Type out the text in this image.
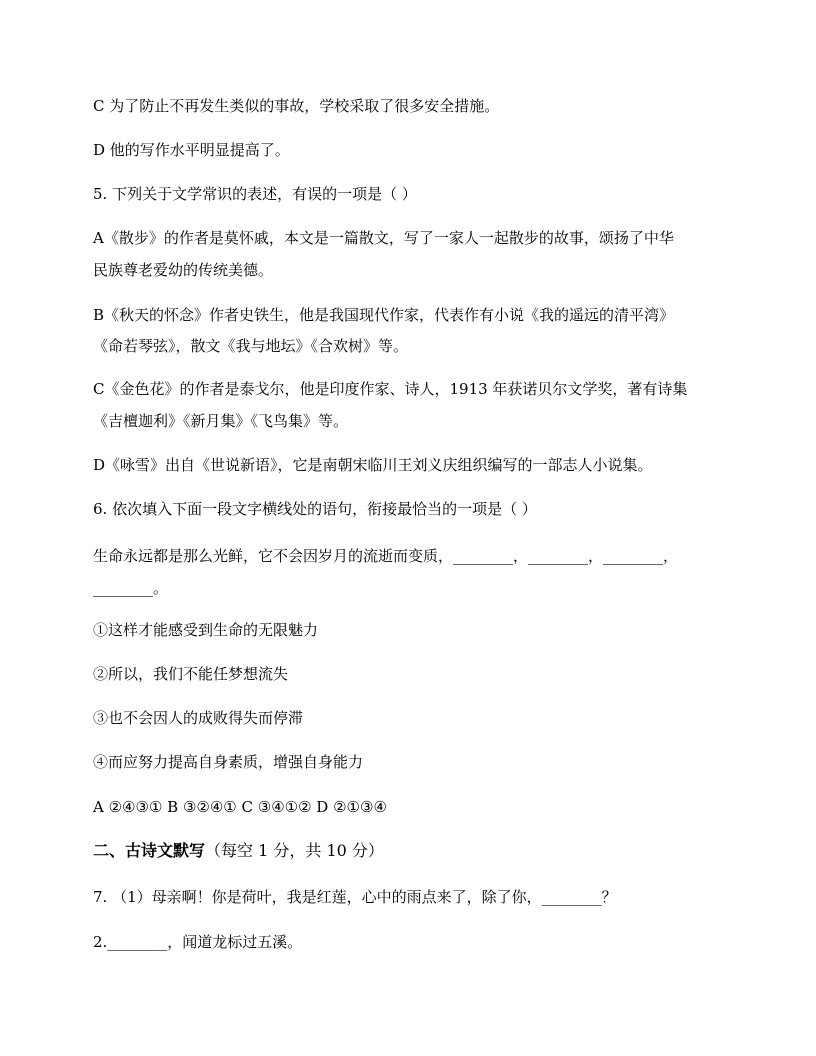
C 为了防止不再发生类似的事故，学校采取了很多安全措施。
D 他的写作水平明显提高了。
5. 下列关于文学常识的表述，有误的一项是（ ）
A《散步》的作者是莫怀戚，本文是一篇散文，写了一家人一起散步的故事，颂扬了中华
民族尊老爱幼的传统美德。
B《秋天的怀念》作者史铁生，他是我国现代作家，代表作有小说《我的遥远的清平湾》
《命若琴弦》，散文《我与地坛》《合欢树》等。
C《金色花》的作者是泰戈尔，他是印度作家、诗人，1913 年获诺贝尔文学奖，著有诗集
《吉檀迦利》《新月集》《飞鸟集》等。
D《咏雪》出自《世说新语》，它是南朝宋临川王刘义庆组织编写的一部志人小说集。
6. 依次填入下面一段文字横线处的语句，衔接最恰当的一项是（ ）
生命永远都是那么光鲜，它不会因岁月的流逝而变质，________，________，________，
________。
①这样才能感受到生命的无限魅力
②所以，我们不能任梦想流失
③也不会因人的成败得失而停滞
④而应努力提高自身素质，增强自身能力
A ②④③① B ③②④① C ③④①② D ②①③④
二、古诗文默写（每空 1 分，共 10 分）
7. （1）母亲啊！你是荷叶，我是红莲，心中的雨点来了，除了你，________？
2.________，闻道龙标过五溪。
